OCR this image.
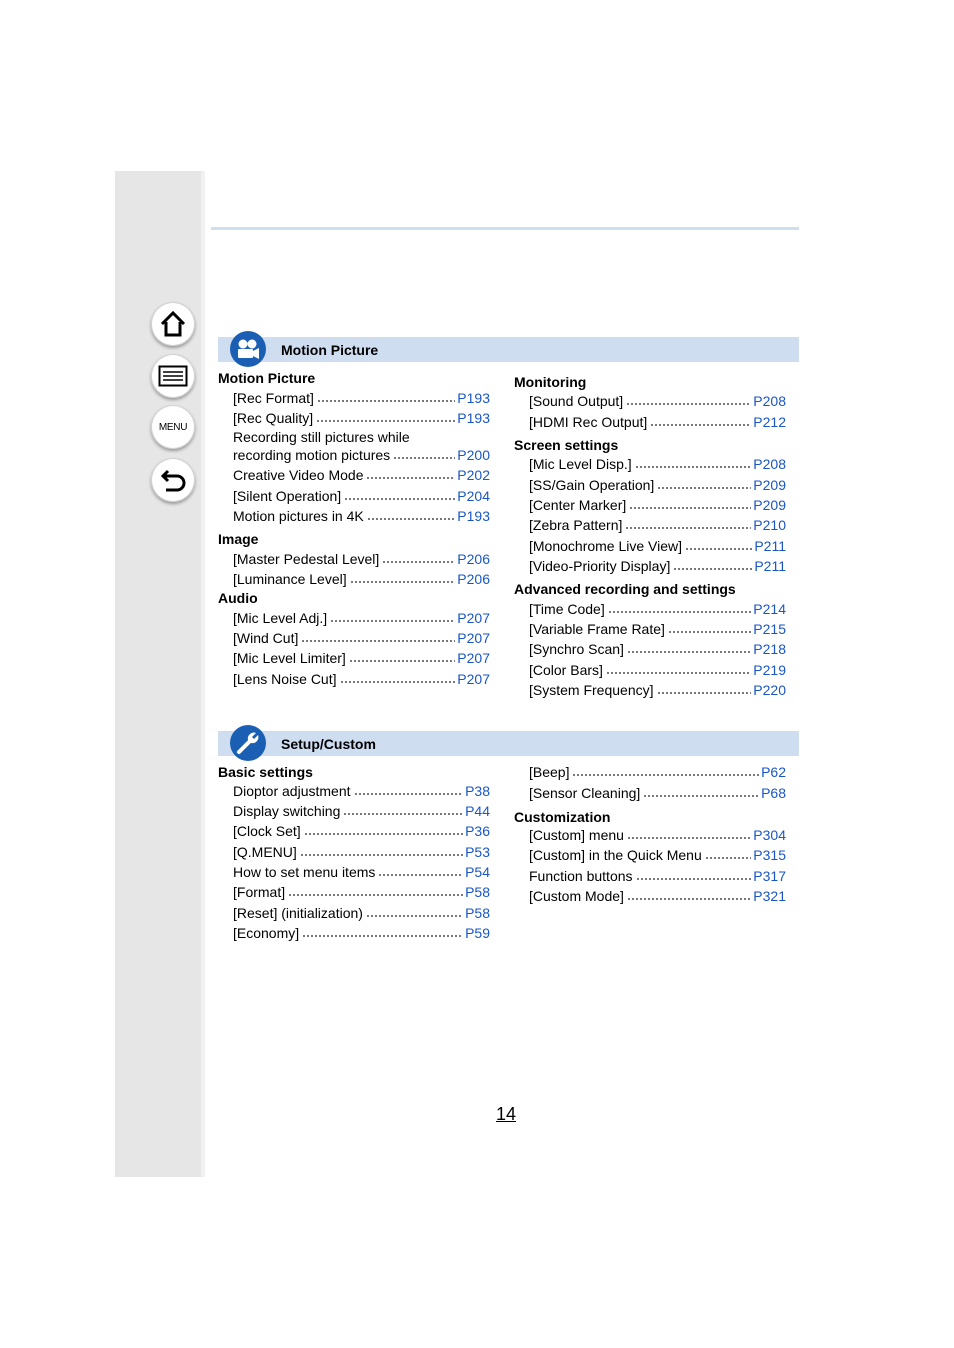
MENU
Motion Picture
Motion Picture
[Rec Format]	P193
[Rec Quality]	P193
Recording still pictures while
recording motion pictures	P200
Creative Video Mode	P202
[Silent Operation]	P204
Motion pictures in 4K	P193
Image
[Master Pedestal Level]	P206
[Luminance Level]	P206
Audio
[Mic Level Adj.]	P207
[Wind Cut]	P207
[Mic Level Limiter]	P207
[Lens Noise Cut]	P207
Monitoring
[Sound Output]	P208
[HDMI Rec Output]	P212
Screen settings
[Mic Level Disp.]	P208
[SS/Gain Operation]	P209
[Center Marker]	P209
[Zebra Pattern]	P210
[Monochrome Live View]	P211
[Video-Priority Display]	P211
Advanced recording and settings
[Time Code]	P214
[Variable Frame Rate]	P215
[Synchro Scan]	P218
[Color Bars]	P219
[System Frequency]	P220
Setup/Custom
Basic settings
Dioptor adjustment	P38
Display switching	P44
[Clock Set]	P36
[Q.MENU]	P53
How to set menu items	P54
[Format]	P58
[Reset] (initialization)	P58
[Economy]	P59
[Beep]	P62
[Sensor Cleaning]	P68
Customization
[Custom] menu	P304
[Custom] in the Quick Menu	P315
Function buttons	P317
[Custom Mode]	P321
14
